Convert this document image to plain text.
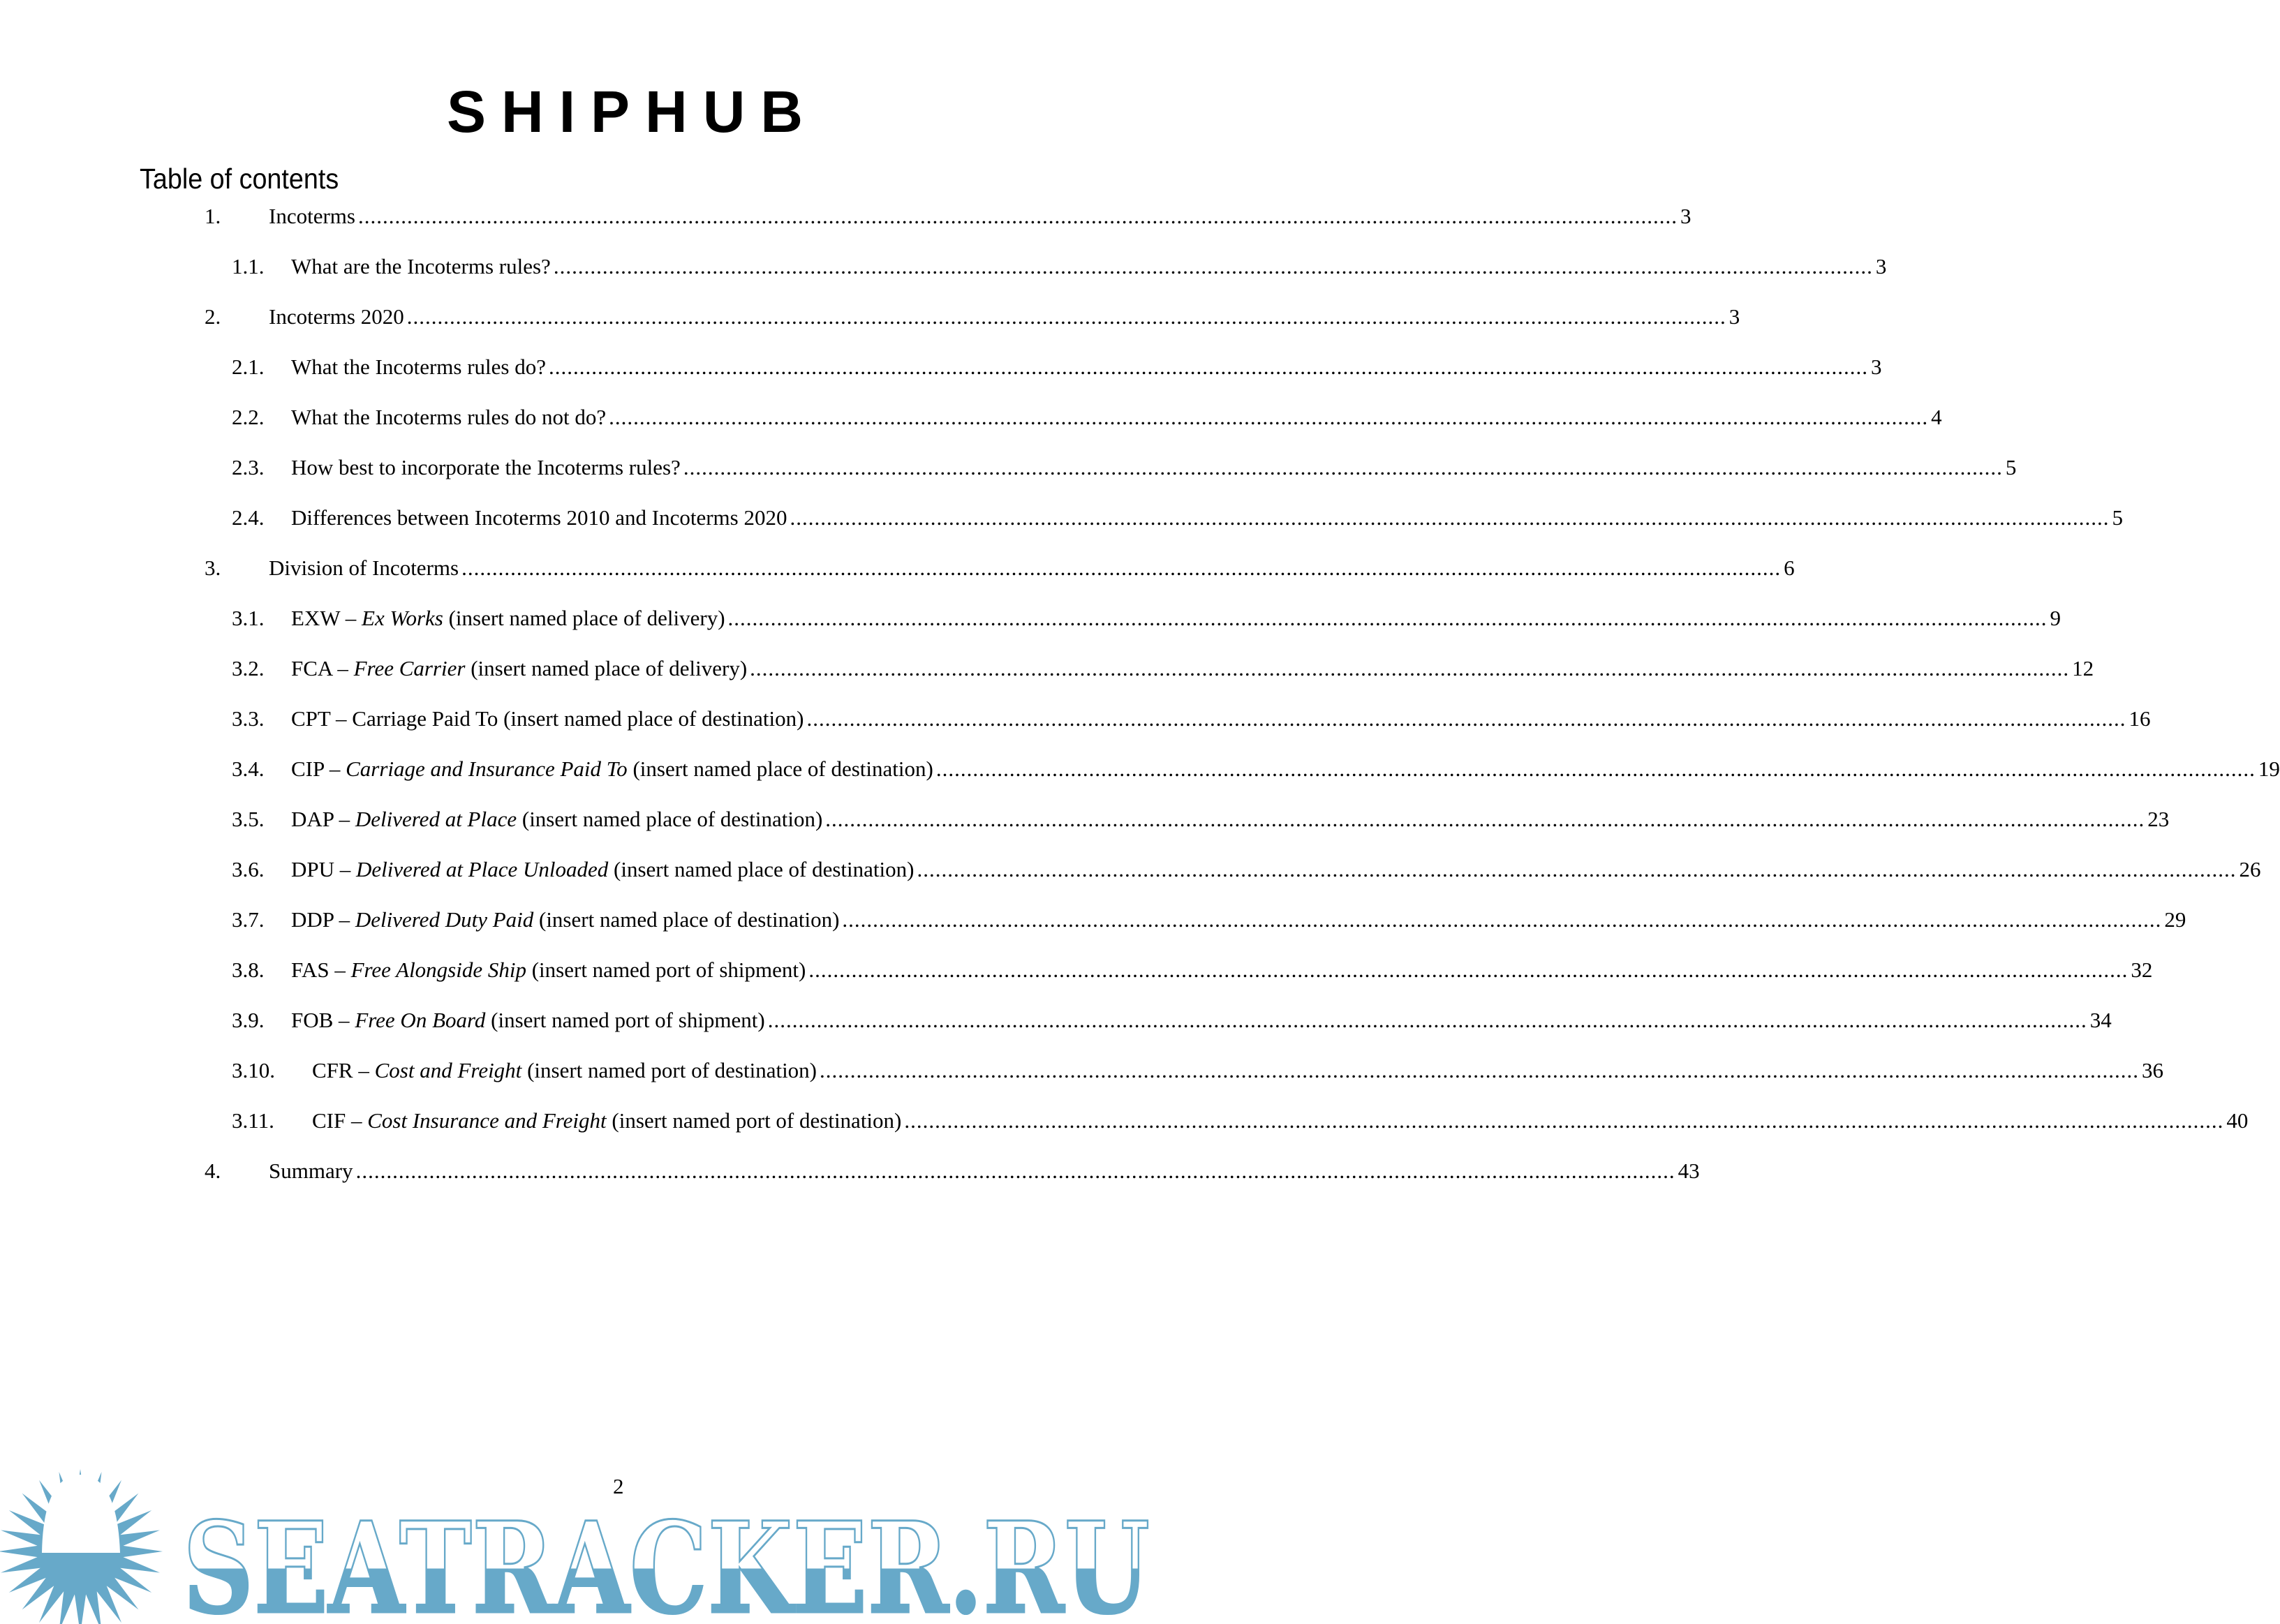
SHIPHUB
Table of contents
1. Incoterms .....	3
1.1. What are the Incoterms rules? .....	3
2. Incoterms 2020 .....	3
2.1. What the Incoterms rules do? .....	3
2.2. What the Incoterms rules do not do? .....	4
2.3. How best to incorporate the Incoterms rules? .....	5
2.4. Differences between Incoterms 2010 and Incoterms 2020 .....	5
3. Division of Incoterms .....	6
3.1. EXW – Ex Works (insert named place of delivery) .....	9
3.2. FCA – Free Carrier (insert named place of delivery) .....	12
3.3. CPT – Carriage Paid To (insert named place of destination) .....	16
3.4. CIP – Carriage and Insurance Paid To (insert named place of destination) .....	19
3.5. DAP – Delivered at Place (insert named place of destination) .....	23
3.6. DPU – Delivered at Place Unloaded (insert named place of destination) .....	26
3.7. DDP – Delivered Duty Paid (insert named place of destination) .....	29
3.8. FAS – Free Alongside Ship (insert named port of shipment) .....	32
3.9. FOB – Free On Board (insert named port of shipment) .....	34
3.10. CFR – Cost and Freight (insert named port of destination) .....	36
3.11. CIF – Cost Insurance and Freight (insert named port of destination) .....	40
4. Summary .....	43
2
SEATRACKER.RU
